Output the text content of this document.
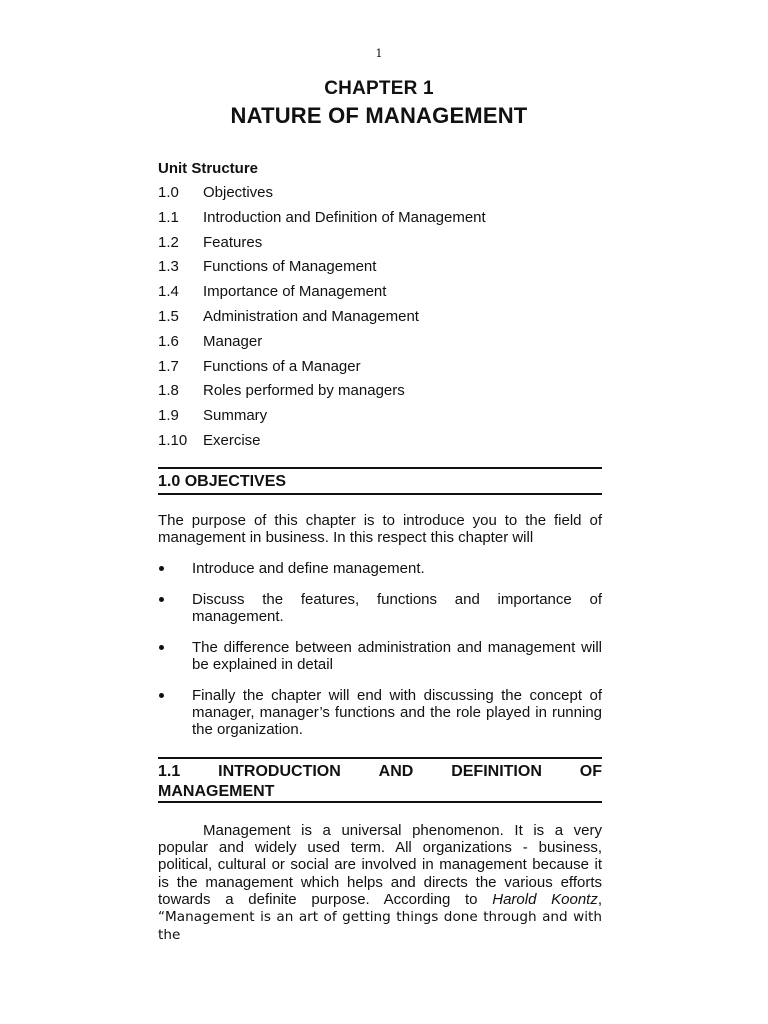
1
CHAPTER 1
NATURE OF MANAGEMENT
Unit Structure
1.0	Objectives
1.1	Introduction and Definition of Management
1.2	Features
1.3	Functions of Management
1.4	Importance of Management
1.5	Administration and Management
1.6	Manager
1.7	Functions of a Manager
1.8	Roles performed by managers
1.9	Summary
1.10	Exercise
1.0 OBJECTIVES

The purpose of this chapter is to introduce you to the field of management in business. In this respect this chapter will

Introduce and define management.
Discuss the features, functions and importance of management.
The difference between administration and management will be explained in detail
Finally the chapter will end with discussing the concept of manager, manager’s functions and the role played in running the organization.
1.1 INTRODUCTION AND DEFINITION OF
MANAGEMENT

Management is a universal phenomenon. It is a very popular and widely used term. All organizations - business, political, cultural or social are involved in management because it is the management which helps and directs the various efforts towards a definite purpose. According to Harold Koontz, “Management is an art of getting things done through and with the
